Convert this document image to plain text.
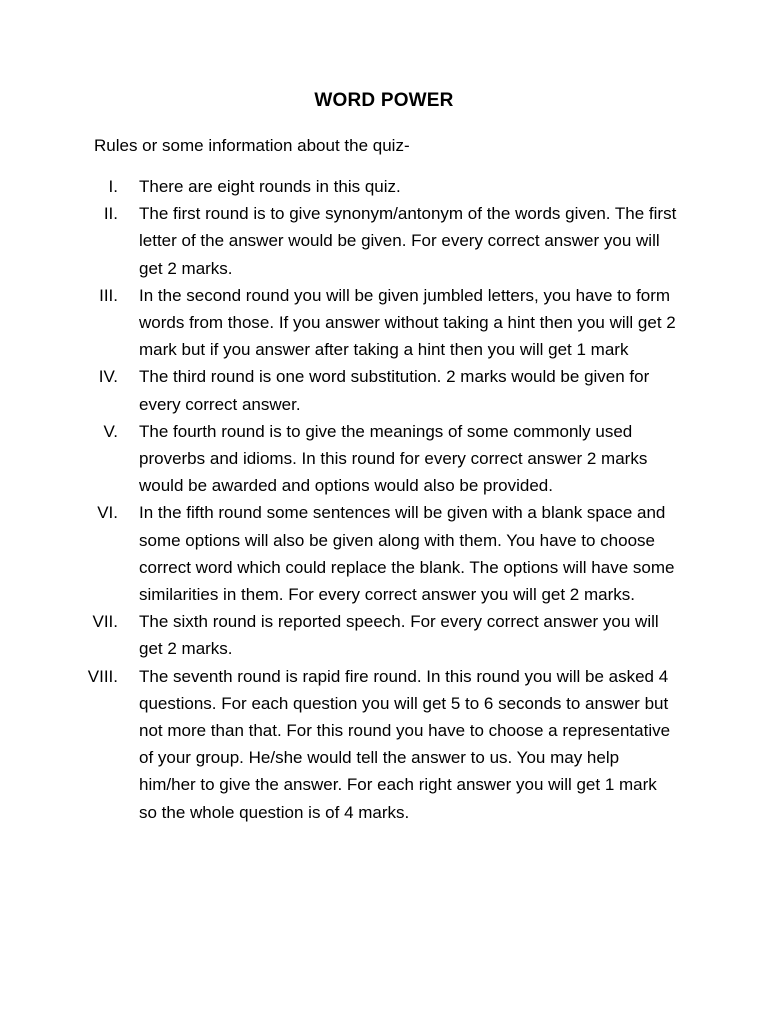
WORD POWER
Rules or some information about the quiz-
I. There are eight rounds in this quiz.
II. The first round is to give synonym/antonym of the words given. The first letter of the answer would be given. For every correct answer you will get 2 marks.
III. In the second round you will be given jumbled letters, you have to form words from those. If you answer without taking a hint then you will get 2 mark but if you answer after taking a hint then you will get 1 mark
IV. The third round is one word substitution. 2 marks would be given for every correct answer.
V. The fourth round is to give the meanings of some commonly used proverbs and idioms. In this round for every correct answer 2 marks would be awarded and options would also be provided.
VI. In the fifth round some sentences will be given with a blank space and some options will also be given along with them. You have to choose correct word which could replace the blank. The options will have some similarities in them. For every correct answer you will get 2 marks.
VII. The sixth round is reported speech. For every correct answer you will get 2 marks.
VIII. The seventh round is rapid fire round. In this round you will be asked 4 questions. For each question you will get 5 to 6 seconds to answer but not more than that. For this round you have to choose a representative of your group. He/she would tell the answer to us. You may help him/her to give the answer. For each right answer you will get 1 mark so the whole question is of 4 marks.
